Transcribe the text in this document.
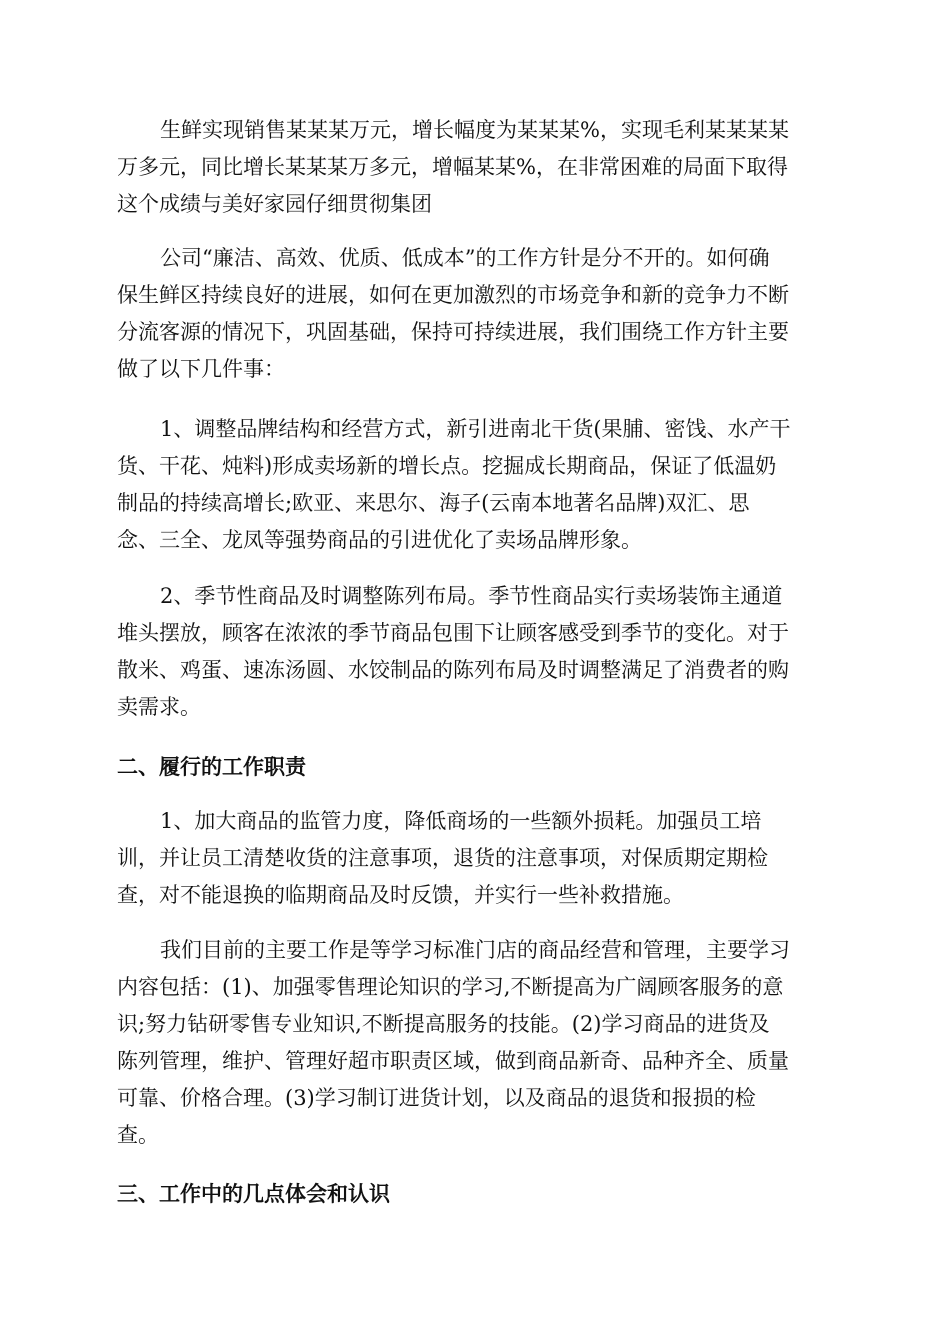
生鲜实现销售某某某万元，增长幅度为某某某%，实现毛利某某某某
万多元，同比增长某某某万多元，增幅某某%，在非常困难的局面下取得
这个成绩与美好家园仔细贯彻集团
公司“廉洁、高效、优质、低成本”的工作方针是分不开的。如何确
保生鲜区持续良好的进展，如何在更加激烈的市场竞争和新的竞争力不断
分流客源的情况下，巩固基础，保持可持续进展，我们围绕工作方针主要
做了以下几件事：
1、调整品牌结构和经营方式，新引进南北干货(果脯、密饯、水产干
货、干花、炖料)形成卖场新的增长点。挖掘成长期商品，保证了低温奶
制品的持续高增长;欧亚、来思尔、海子(云南本地著名品牌)双汇、思
念、三全、龙凤等强势商品的引进优化了卖场品牌形象。
2、季节性商品及时调整陈列布局。季节性商品实行卖场装饰主通道
堆头摆放，顾客在浓浓的季节商品包围下让顾客感受到季节的变化。对于
散米、鸡蛋、速冻汤圆、水饺制品的陈列布局及时调整满足了消费者的购
卖需求。
二、履行的工作职责
1、加大商品的监管力度，降低商场的一些额外损耗。加强员工培
训，并让员工清楚收货的注意事项，退货的注意事项，对保质期定期检
查，对不能退换的临期商品及时反馈，并实行一些补救措施。
我们目前的主要工作是等学习标准门店的商品经营和管理，主要学习
内容包括：(1)、加强零售理论知识的学习,不断提高为广阔顾客服务的意
识;努力钻研零售专业知识,不断提高服务的技能。(2)学习商品的进货及
陈列管理，维护、管理好超市职责区域，做到商品新奇、品种齐全、质量
可靠、价格合理。(3)学习制订进货计划，以及商品的退货和报损的检
查。
三、工作中的几点体会和认识
